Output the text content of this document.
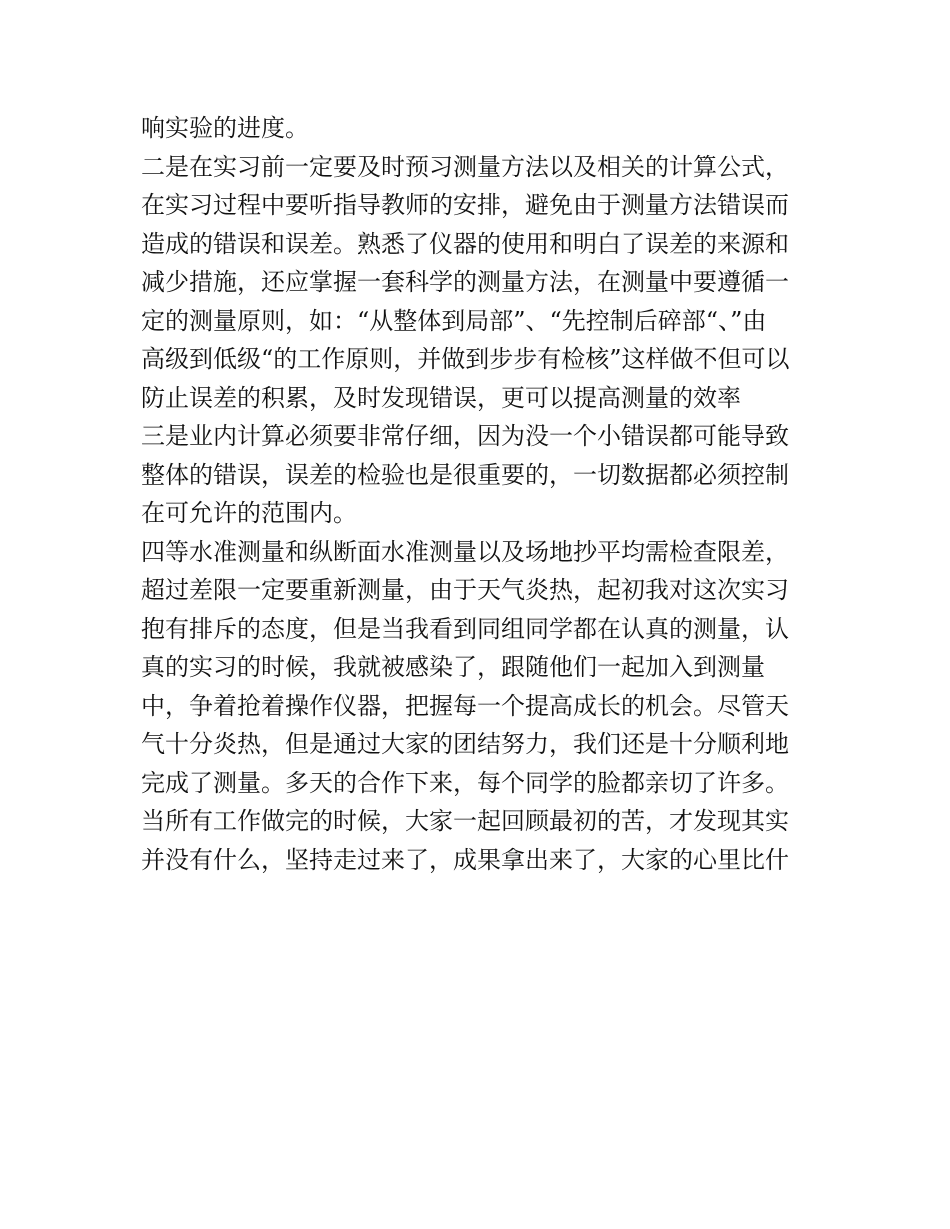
响实验的进度。

二是在实习前一定要及时预习测量方法以及相关的计算公式，

在实习过程中要听指导教师的安排，避免由于测量方法错误而

造成的错误和误差。熟悉了仪器的使用和明白了误差的来源和

减少措施，还应掌握一套科学的测量方法，在测量中要遵循一

定的测量原则，如：“从整体到局部”、“先控制后碎部“、”由

高级到低级“的工作原则，并做到步步有检核”这样做不但可以

防止误差的积累，及时发现错误，更可以提高测量的效率

三是业内计算必须要非常仔细，因为没一个小错误都可能导致

整体的错误，误差的检验也是很重要的，一切数据都必须控制

在可允许的范围内。

四等水准测量和纵断面水准测量以及场地抄平均需检查限差，

超过差限一定要重新测量，由于天气炎热，起初我对这次实习

抱有排斥的态度，但是当我看到同组同学都在认真的测量，认

真的实习的时候，我就被感染了，跟随他们一起加入到测量

中，争着抢着操作仪器，把握每一个提高成长的机会。尽管天

气十分炎热，但是通过大家的团结努力，我们还是十分顺利地

完成了测量。多天的合作下来，每个同学的脸都亲切了许多。

当所有工作做完的时候，大家一起回顾最初的苦，才发现其实

并没有什么，坚持走过来了，成果拿出来了，大家的心里比什
